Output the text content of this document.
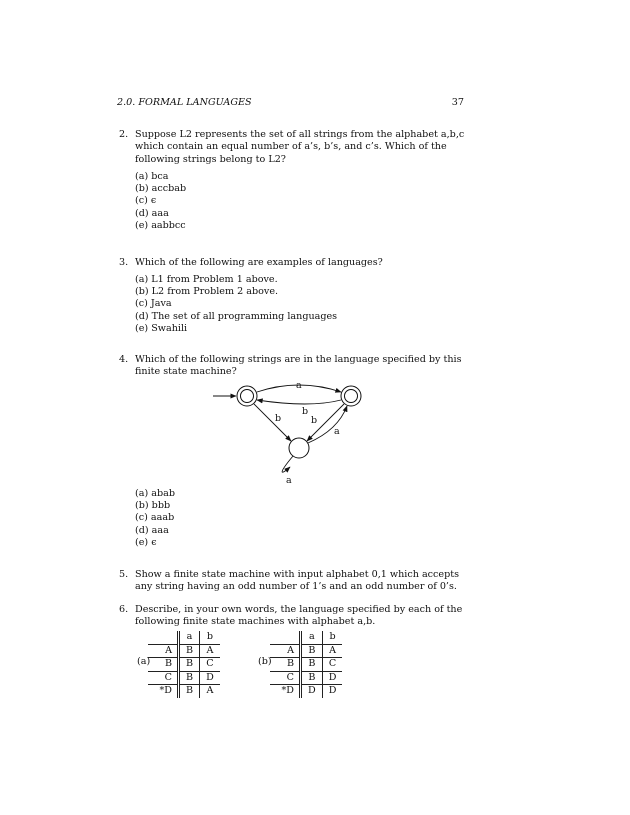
2.0. FORMAL LANGUAGES	37
2. Suppose L2 represents the set of all strings from the alphabet a,b,c which contain an equal number of a’s, b’s, and c’s. Which of the following strings belong to L2?
(a) bca
(b) accbab
(c) ϵ
(d) aaa
(e) aabbcc
3. Which of the following are examples of languages?
(a) L1 from Problem 1 above.
(b) L2 from Problem 2 above.
(c) Java
(d) The set of all programming languages
(e) Swahili
4. Which of the following strings are in the language specified by this finite state machine?
a
b
b	b
a
a
(a) abab
(b) bbb
(c) aaab
(d) aaa
(e) ϵ
5. Show a finite state machine with input alphabet 0,1 which accepts any string having an odd number of 1’s and an odd number of 0’s.
6. Describe, in your own words, the language specified by each of the following finite state machines with alphabet a,b.
(a)
	a	b
A	B	A
B	B	C
C	B	D
*D	B	A
(b)
	a	b
A	B	A
B	B	C
C	B	D
*D	D	D
